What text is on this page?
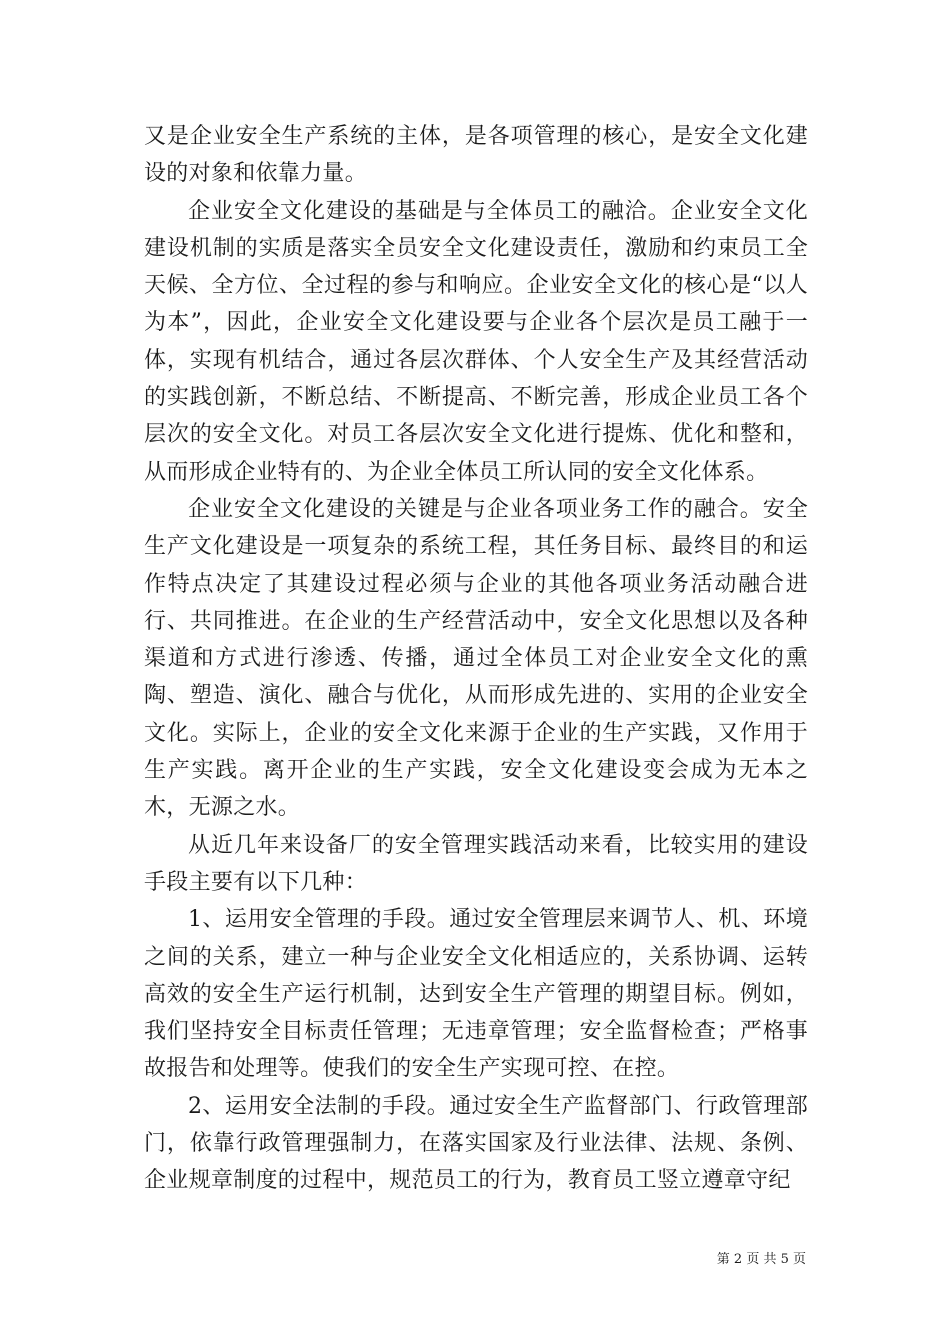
又是企业安全生产系统的主体，是各项管理的核心，是安全文化建设的对象和依靠力量。

企业安全文化建设的基础是与全体员工的融洽。企业安全文化建设机制的实质是落实全员安全文化建设责任，激励和约束员工全天候、全方位、全过程的参与和响应。企业安全文化的核心是“以人为本”，因此，企业安全文化建设要与企业各个层次是员工融于一体，实现有机结合，通过各层次群体、个人安全生产及其经营活动的实践创新，不断总结、不断提高、不断完善，形成企业员工各个层次的安全文化。对员工各层次安全文化进行提炼、优化和整和，从而形成企业特有的、为企业全体员工所认同的安全文化体系。

企业安全文化建设的关键是与企业各项业务工作的融合。安全生产文化建设是一项复杂的系统工程，其任务目标、最终目的和运作特点决定了其建设过程必须与企业的其他各项业务活动融合进行、共同推进。在企业的生产经营活动中，安全文化思想以及各种渠道和方式进行渗透、传播，通过全体员工对企业安全文化的熏陶、塑造、演化、融合与优化，从而形成先进的、实用的企业安全文化。实际上，企业的安全文化来源于企业的生产实践，又作用于生产实践。离开企业的生产实践，安全文化建设变会成为无本之木，无源之水。

从近几年来设备厂的安全管理实践活动来看，比较实用的建设手段主要有以下几种：

1、运用安全管理的手段。通过安全管理层来调节人、机、环境之间的关系，建立一种与企业安全文化相适应的，关系协调、运转高效的安全生产运行机制，达到安全生产管理的期望目标。例如，我们坚持安全目标责任管理；无违章管理；安全监督检查；严格事故报告和处理等。使我们的安全生产实现可控、在控。

2、运用安全法制的手段。通过安全生产监督部门、行政管理部门，依靠行政管理强制力，在落实国家及行业法律、法规、条例、企业规章制度的过程中，规范员工的行为，教育员工竖立遵章守纪

第 2 页 共 5 页
